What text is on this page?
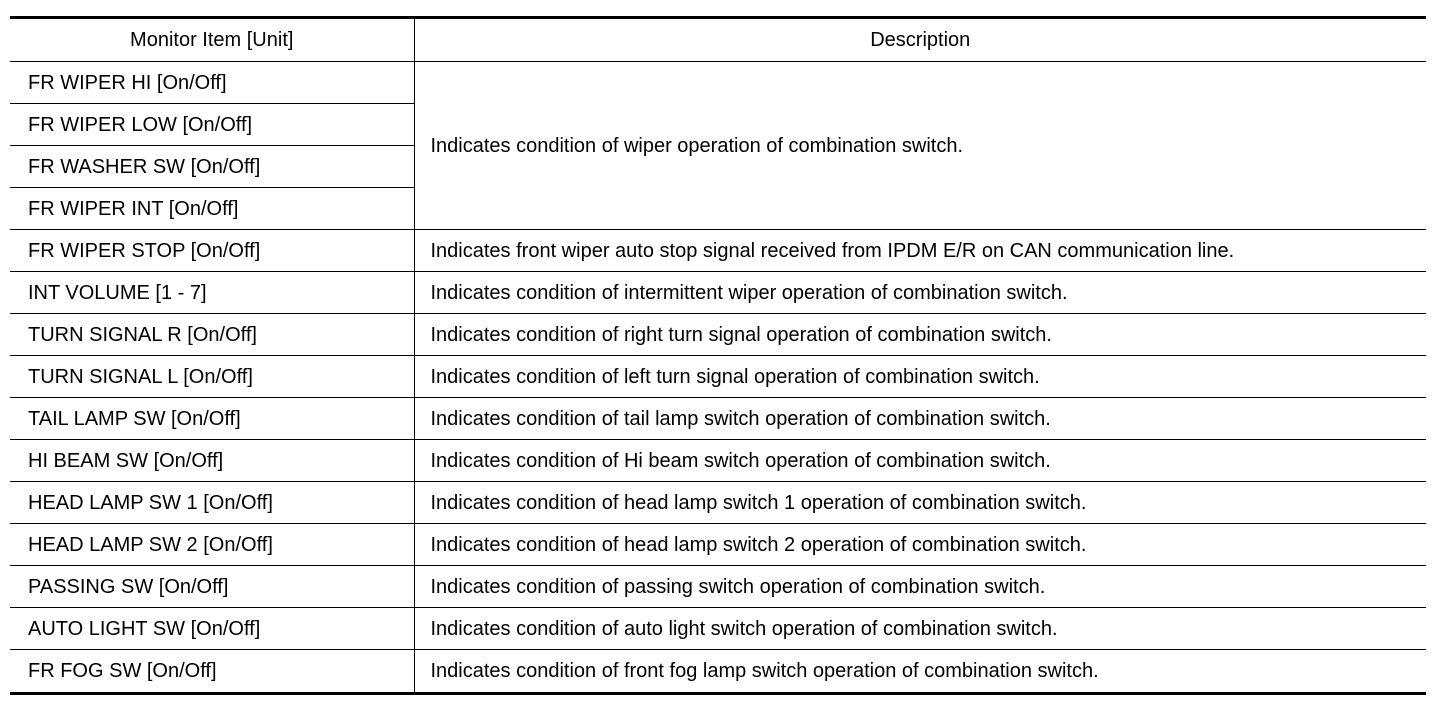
Monitor Item [Unit]	Description
FR WIPER HI [On/Off]	Indicates condition of wiper operation of combination switch.
FR WIPER LOW [On/Off]	
FR WASHER SW [On/Off]	
FR WIPER INT [On/Off]	
FR WIPER STOP [On/Off]	Indicates front wiper auto stop signal received from IPDM E/R on CAN communication line.
INT VOLUME [1 - 7]	Indicates condition of intermittent wiper operation of combination switch.
TURN SIGNAL R [On/Off]	Indicates condition of right turn signal operation of combination switch.
TURN SIGNAL L [On/Off]	Indicates condition of left turn signal operation of combination switch.
TAIL LAMP SW [On/Off]	Indicates condition of tail lamp switch operation of combination switch.
HI BEAM SW [On/Off]	Indicates condition of Hi beam switch operation of combination switch.
HEAD LAMP SW 1 [On/Off]	Indicates condition of head lamp switch 1 operation of combination switch.
HEAD LAMP SW 2 [On/Off]	Indicates condition of head lamp switch 2 operation of combination switch.
PASSING SW [On/Off]	Indicates condition of passing switch operation of combination switch.
AUTO LIGHT SW [On/Off]	Indicates condition of auto light switch operation of combination switch.
FR FOG SW [On/Off]	Indicates condition of front fog lamp switch operation of combination switch.
